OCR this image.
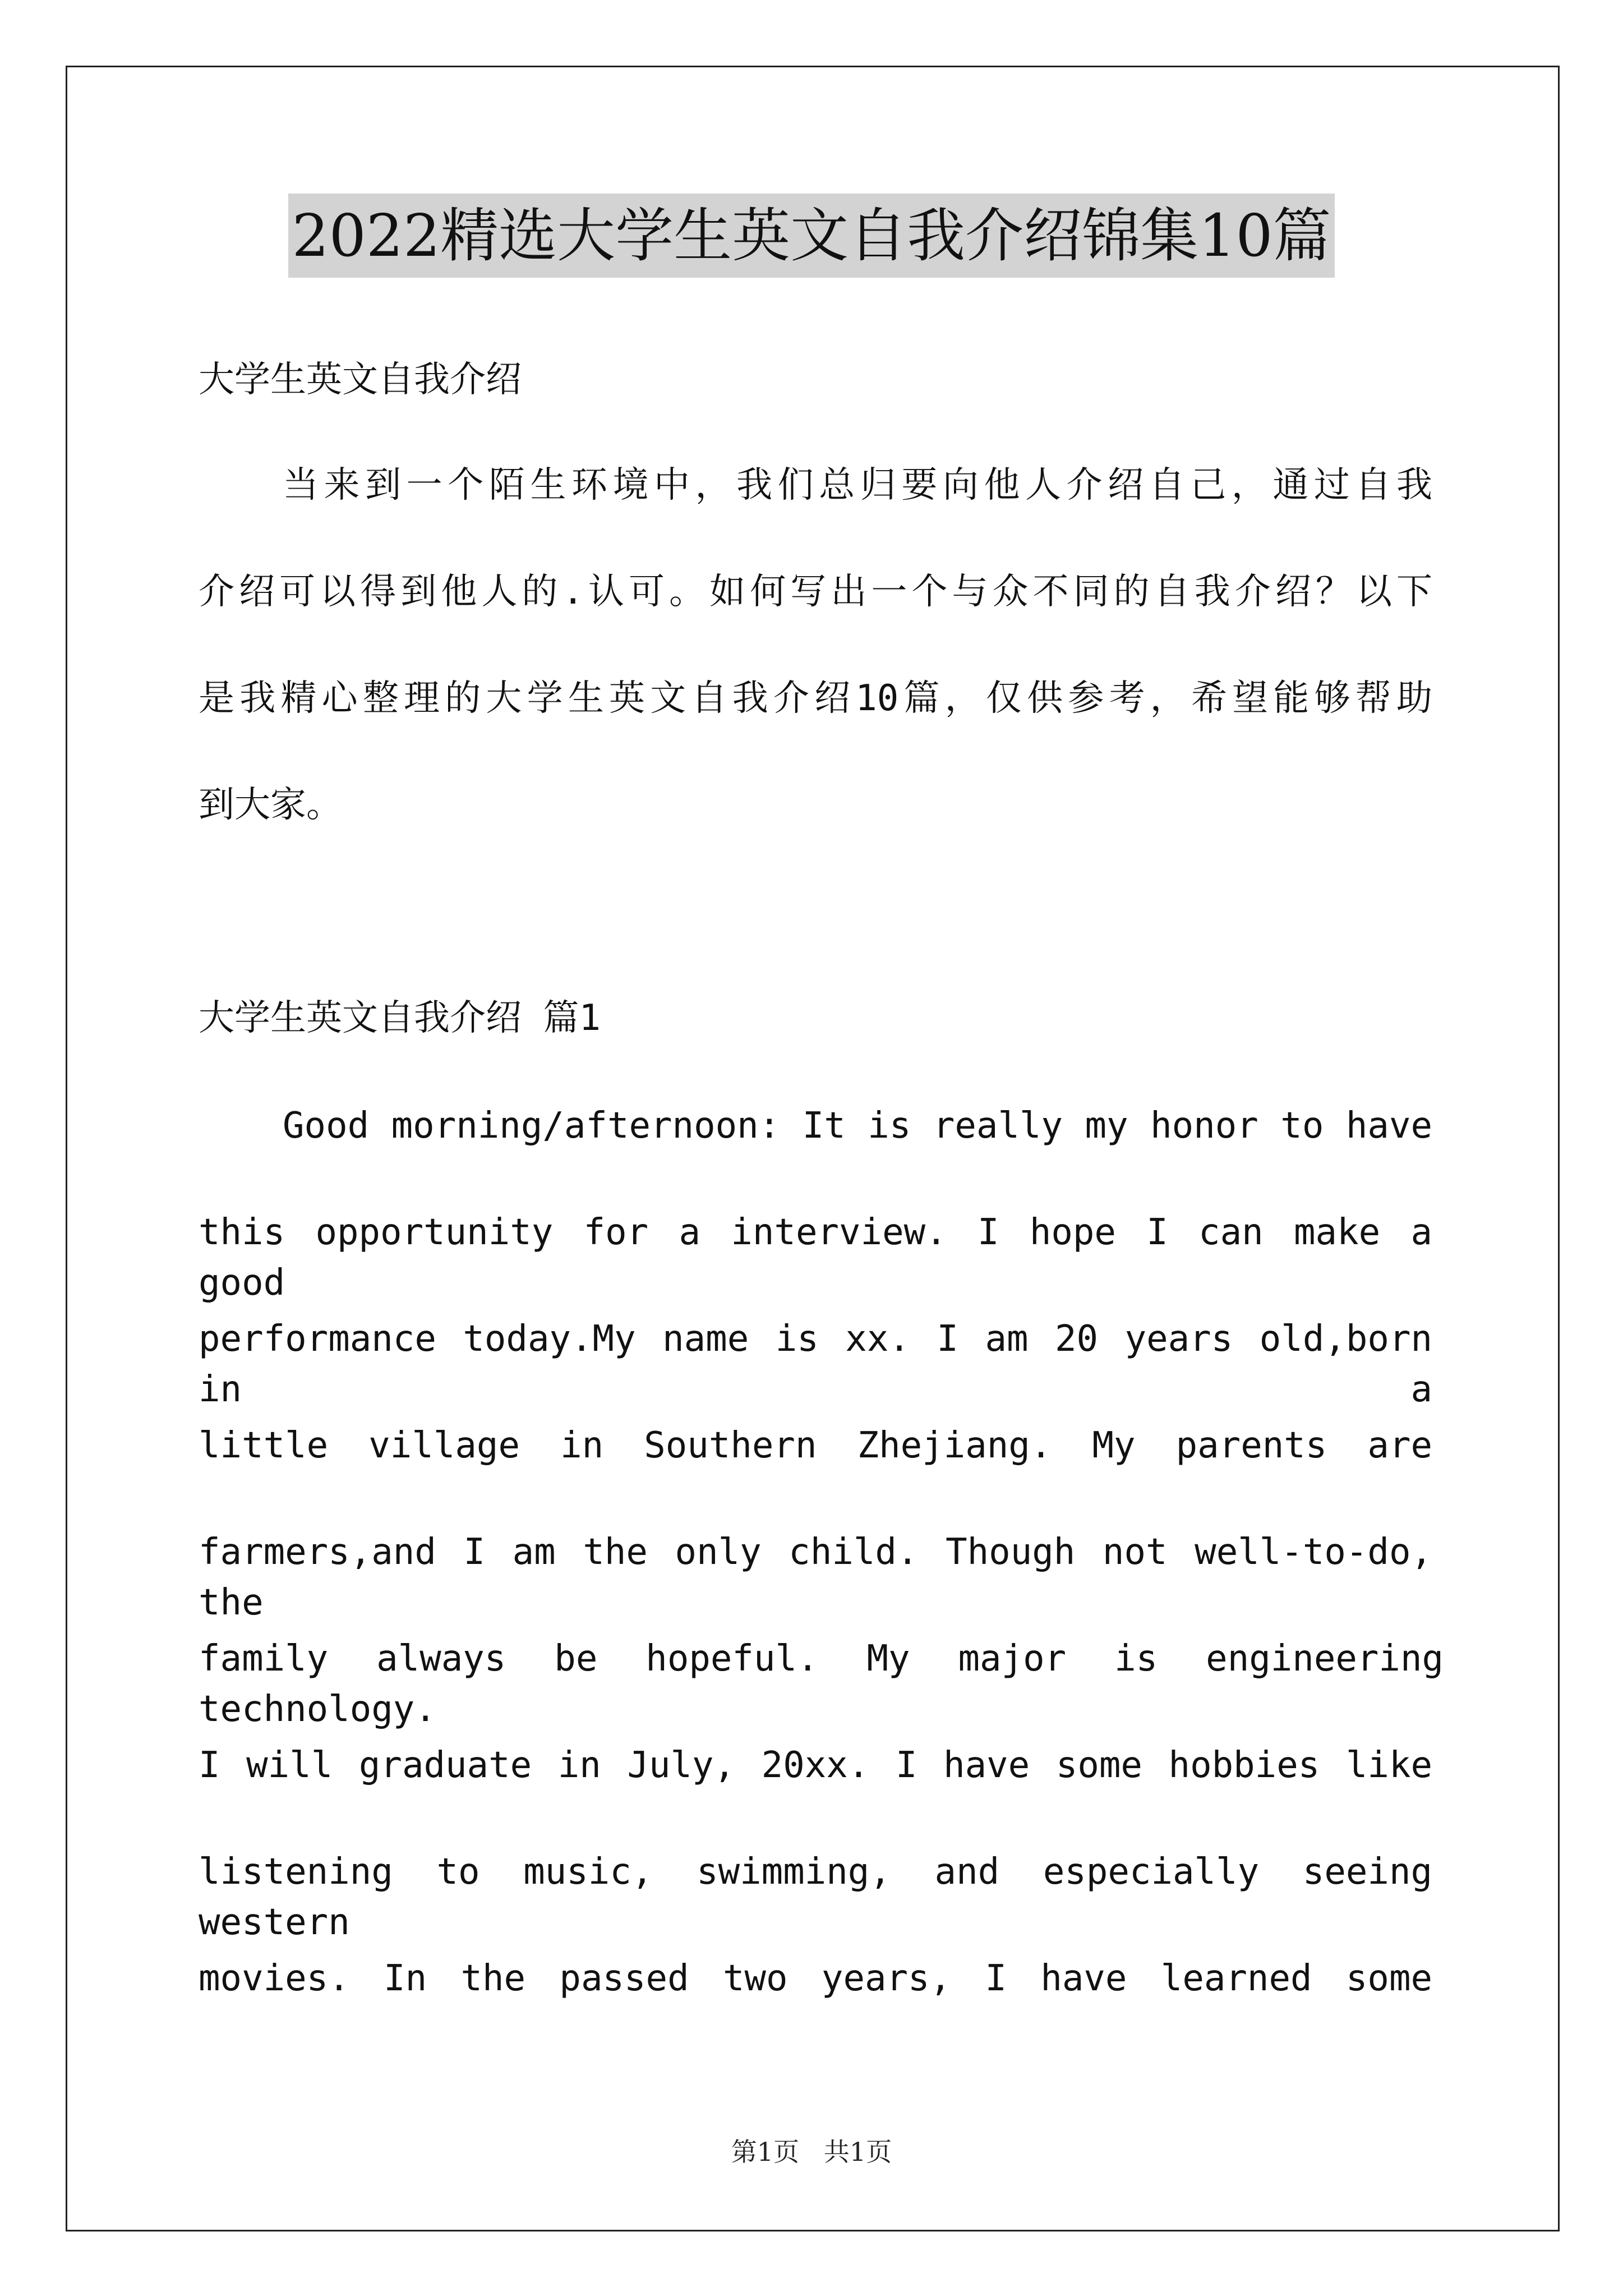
2022精选大学生英文自我介绍锦集10篇
大学生英文自我介绍
当来到一个陌生环境中，我们总归要向他人介绍自己，通过自我
介绍可以得到他人的.认可。如何写出一个与众不同的自我介绍？以下
是我精心整理的大学生英文自我介绍10篇，仅供参考，希望能够帮助
到大家。
大学生英文自我介绍 篇1
Good morning/afternoon: It is really my honor to have
this opportunity for a interview. I hope I can make a good
performance today.My name is xx. I am 20 years old,born in a
little village in Southern Zhejiang. My parents are
farmers,and I am the only child. Though not well-to-do, the
family always be hopeful. My major is engineering technology.
I will graduate in July, 20xx. I have some hobbies like
listening to music, swimming, and especially seeing western
movies. In the passed two years, I have learned some
第1页   共1页
